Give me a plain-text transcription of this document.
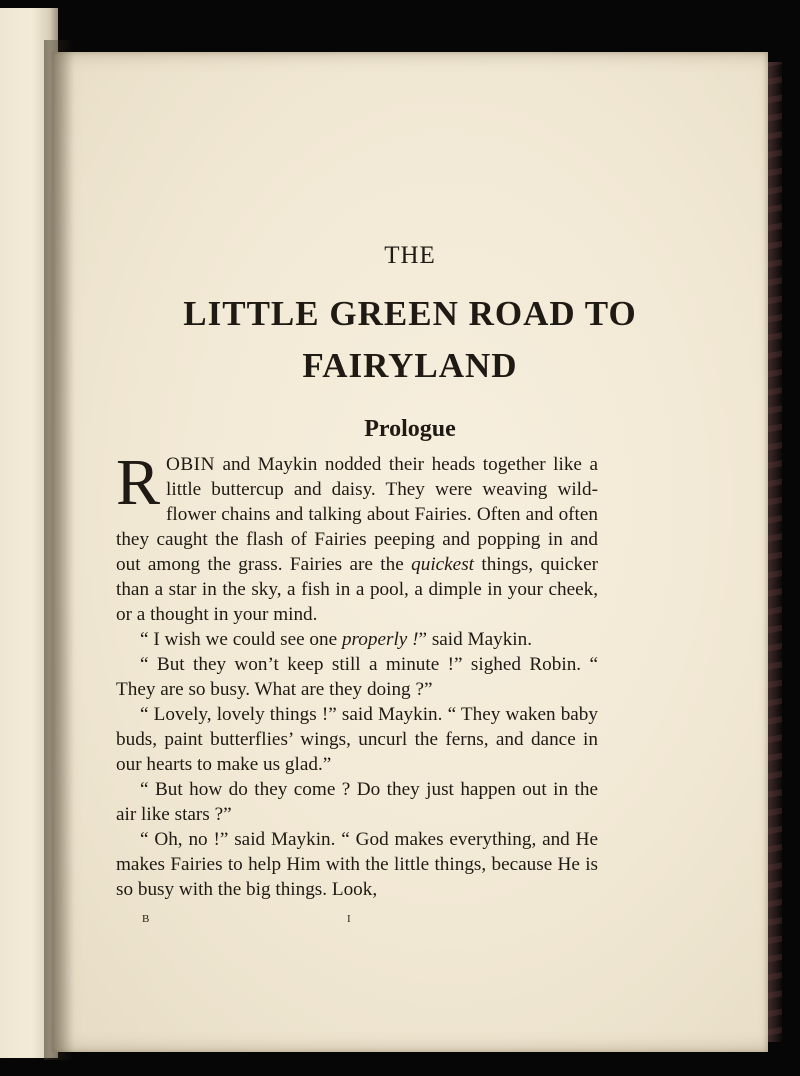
THE
LITTLE GREEN ROAD TO
FAIRYLAND
Prologue

ROBIN and Maykin nodded their heads together like a little buttercup and daisy. They were weaving wild-flower chains and talking about Fairies. Often and often they caught the flash of Fairies peeping and popping in and out among the grass. Fairies are the quickest things, quicker than a star in the sky, a fish in a pool, a dimple in your cheek, or a thought in your mind.

“ I wish we could see one properly !” said Maykin.

“ But they won’t keep still a minute !” sighed Robin. “ They are so busy. What are they doing ?”

“ Lovely, lovely things !” said Maykin. “ They waken baby buds, paint butterflies’ wings, uncurl the ferns, and dance in our hearts to make us glad.”

“ But how do they come ? Do they just happen out in the air like stars ?”

“ Oh, no !” said Maykin. “ God makes everything, and He makes Fairies to help Him with the little things, because He is so busy with the big things. Look,

B	I
